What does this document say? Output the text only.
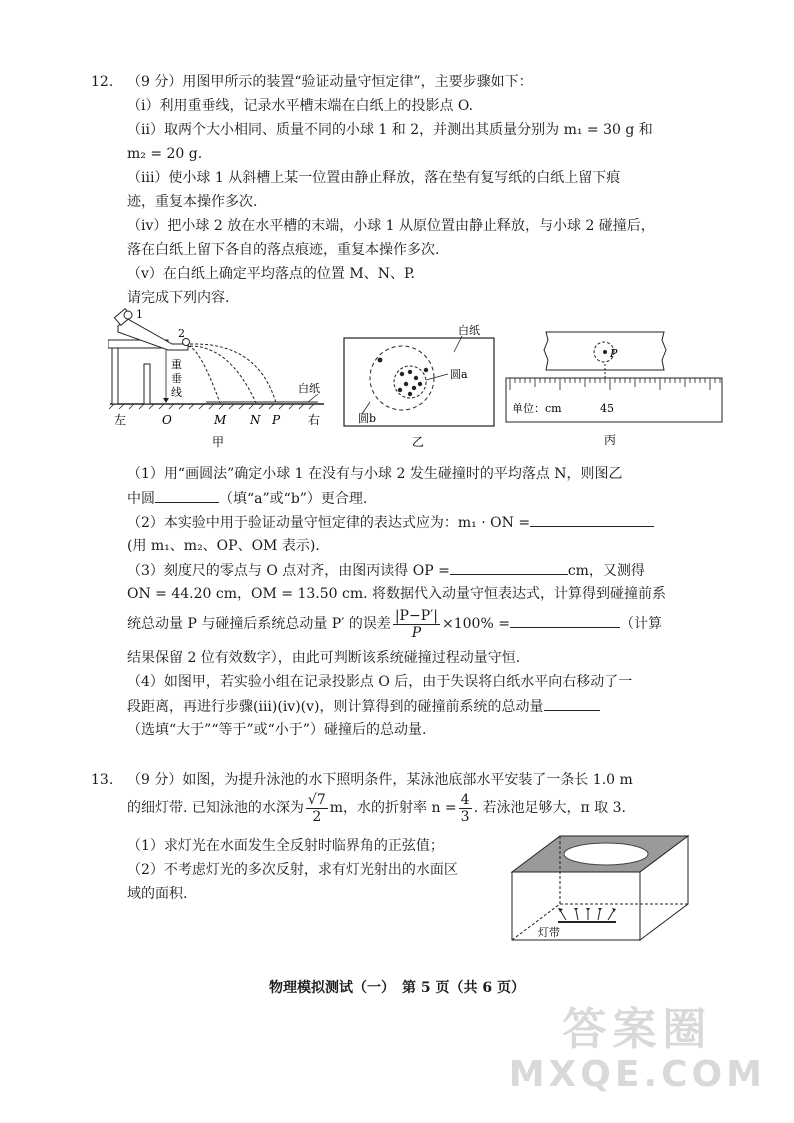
12. （9 分）用图甲所示的装置“验证动量守恒定律”，主要步骤如下：
（i）利用重垂线，记录水平槽末端在白纸上的投影点 O.
（ii）取两个大小相同、质量不同的小球 1 和 2，并测出其质量分别为 m₁ = 30 g 和
m₂ = 20 g.
（iii）使小球 1 从斜槽上某一位置由静止释放，落在垫有复写纸的白纸上留下痕
迹，重复本操作多次.
（iv）把小球 2 放在水平槽的末端，小球 1 从原位置由静止释放，与小球 2 碰撞后，
落在白纸上留下各自的落点痕迹，重复本操作多次.
（v）在白纸上确定平均落点的位置 M、N、P.
请完成下列内容.
1
2
重
垂
线	白纸
左	O	M N P 右
甲
白纸
圆a
圆b
乙
P
单位：cm	45
丙
（1）用“画圆法”确定小球 1 在没有与小球 2 发生碰撞时的平均落点 N，则图乙
中圆	（填“a”或“b”）更合理.
（2）本实验中用于验证动量守恒定律的表达式应为：m₁ · ON =
(用 m₁、m₂、OP、OM 表示).
（3）刻度尺的零点与 O 点对齐，由图丙读得 OP =	cm，又测得
ON = 44.20 cm，OM = 13.50 cm. 将数据代入动量守恒表达式，计算得到碰撞前系
统总动量 P 与碰撞后系统总动量 P′ 的误差 $\frac{|P-P'|}{P} \times 100\%$ =	（计算
结果保留 2 位有效数字），由此可判断该系统碰撞过程动量守恒.
（4）如图甲，若实验小组在记录投影点 O 后，由于失误将白纸水平向右移动了一
段距离，再进行步骤(iii)(iv)(v)，则计算得到的碰撞前系统的总动量
（选填“大于”“等于”或“小于”）碰撞后的总动量.
13. （9 分）如图，为提升泳池的水下照明条件，某泳池底部水平安装了一条长 1.0 m
的细灯带. 已知泳池的水深为 $\frac{√7}{2}$ m，水的折射率 $n = \frac{4}{3}$ . 若泳池足够大，π 取 3.
（1）求灯光在水面发生全反射时临界角的正弦值；
（2）不考虑灯光的多次反射，求有灯光射出的水面区
域的面积.
灯带
物理模拟测试（一）　第 5 页（共 6 页）
答案圈
MXQE.COM
